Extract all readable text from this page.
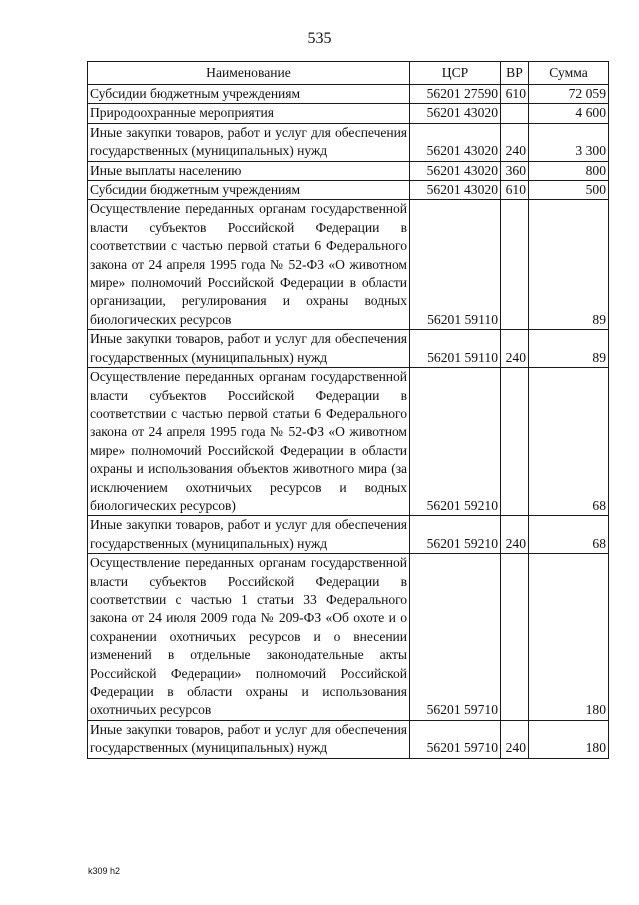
535
Наименование	ЦСР	ВР	Сумма
Субсидии бюджетным учреждениям	56201 27590	610	72 059
Природоохранные мероприятия	56201 43020		4 600
Иные закупки товаров, работ и услуг для обеспечения государственных (муниципальных) нужд	56201 43020	240	3 300
Иные выплаты населению	56201 43020	360	800
Субсидии бюджетным учреждениям	56201 43020	610	500
Осуществление переданных органам государственной власти субъектов Российской Федерации в соответствии с частью первой статьи 6 Федерального закона от 24 апреля 1995 года № 52-ФЗ «О животном мире» полномочий Российской Федерации в области организации, регулирования и охраны водных биологических ресурсов	56201 59110		89
Иные закупки товаров, работ и услуг для обеспечения государственных (муниципальных) нужд	56201 59110	240	89
Осуществление переданных органам государственной власти субъектов Российской Федерации в соответствии с частью первой статьи 6 Федерального закона от 24 апреля 1995 года № 52-ФЗ «О животном мире» полномочий Российской Федерации в области охраны и использования объектов животного мира (за исключением охотничьих ресурсов и водных биологических ресурсов)	56201 59210		68
Иные закупки товаров, работ и услуг для обеспечения государственных (муниципальных) нужд	56201 59210	240	68
Осуществление переданных органам государственной власти субъектов Российской Федерации в соответствии с частью 1 статьи 33 Федерального закона от 24 июля 2009 года № 209-ФЗ «Об охоте и о сохранении охотничьих ресурсов и о внесении изменений в отдельные законодательные акты Российской Федерации» полномочий Российской Федерации в области охраны и использования охотничьих ресурсов	56201 59710		180
Иные закупки товаров, работ и услуг для обеспечения государственных (муниципальных) нужд	56201 59710	240	180
k309 h2
